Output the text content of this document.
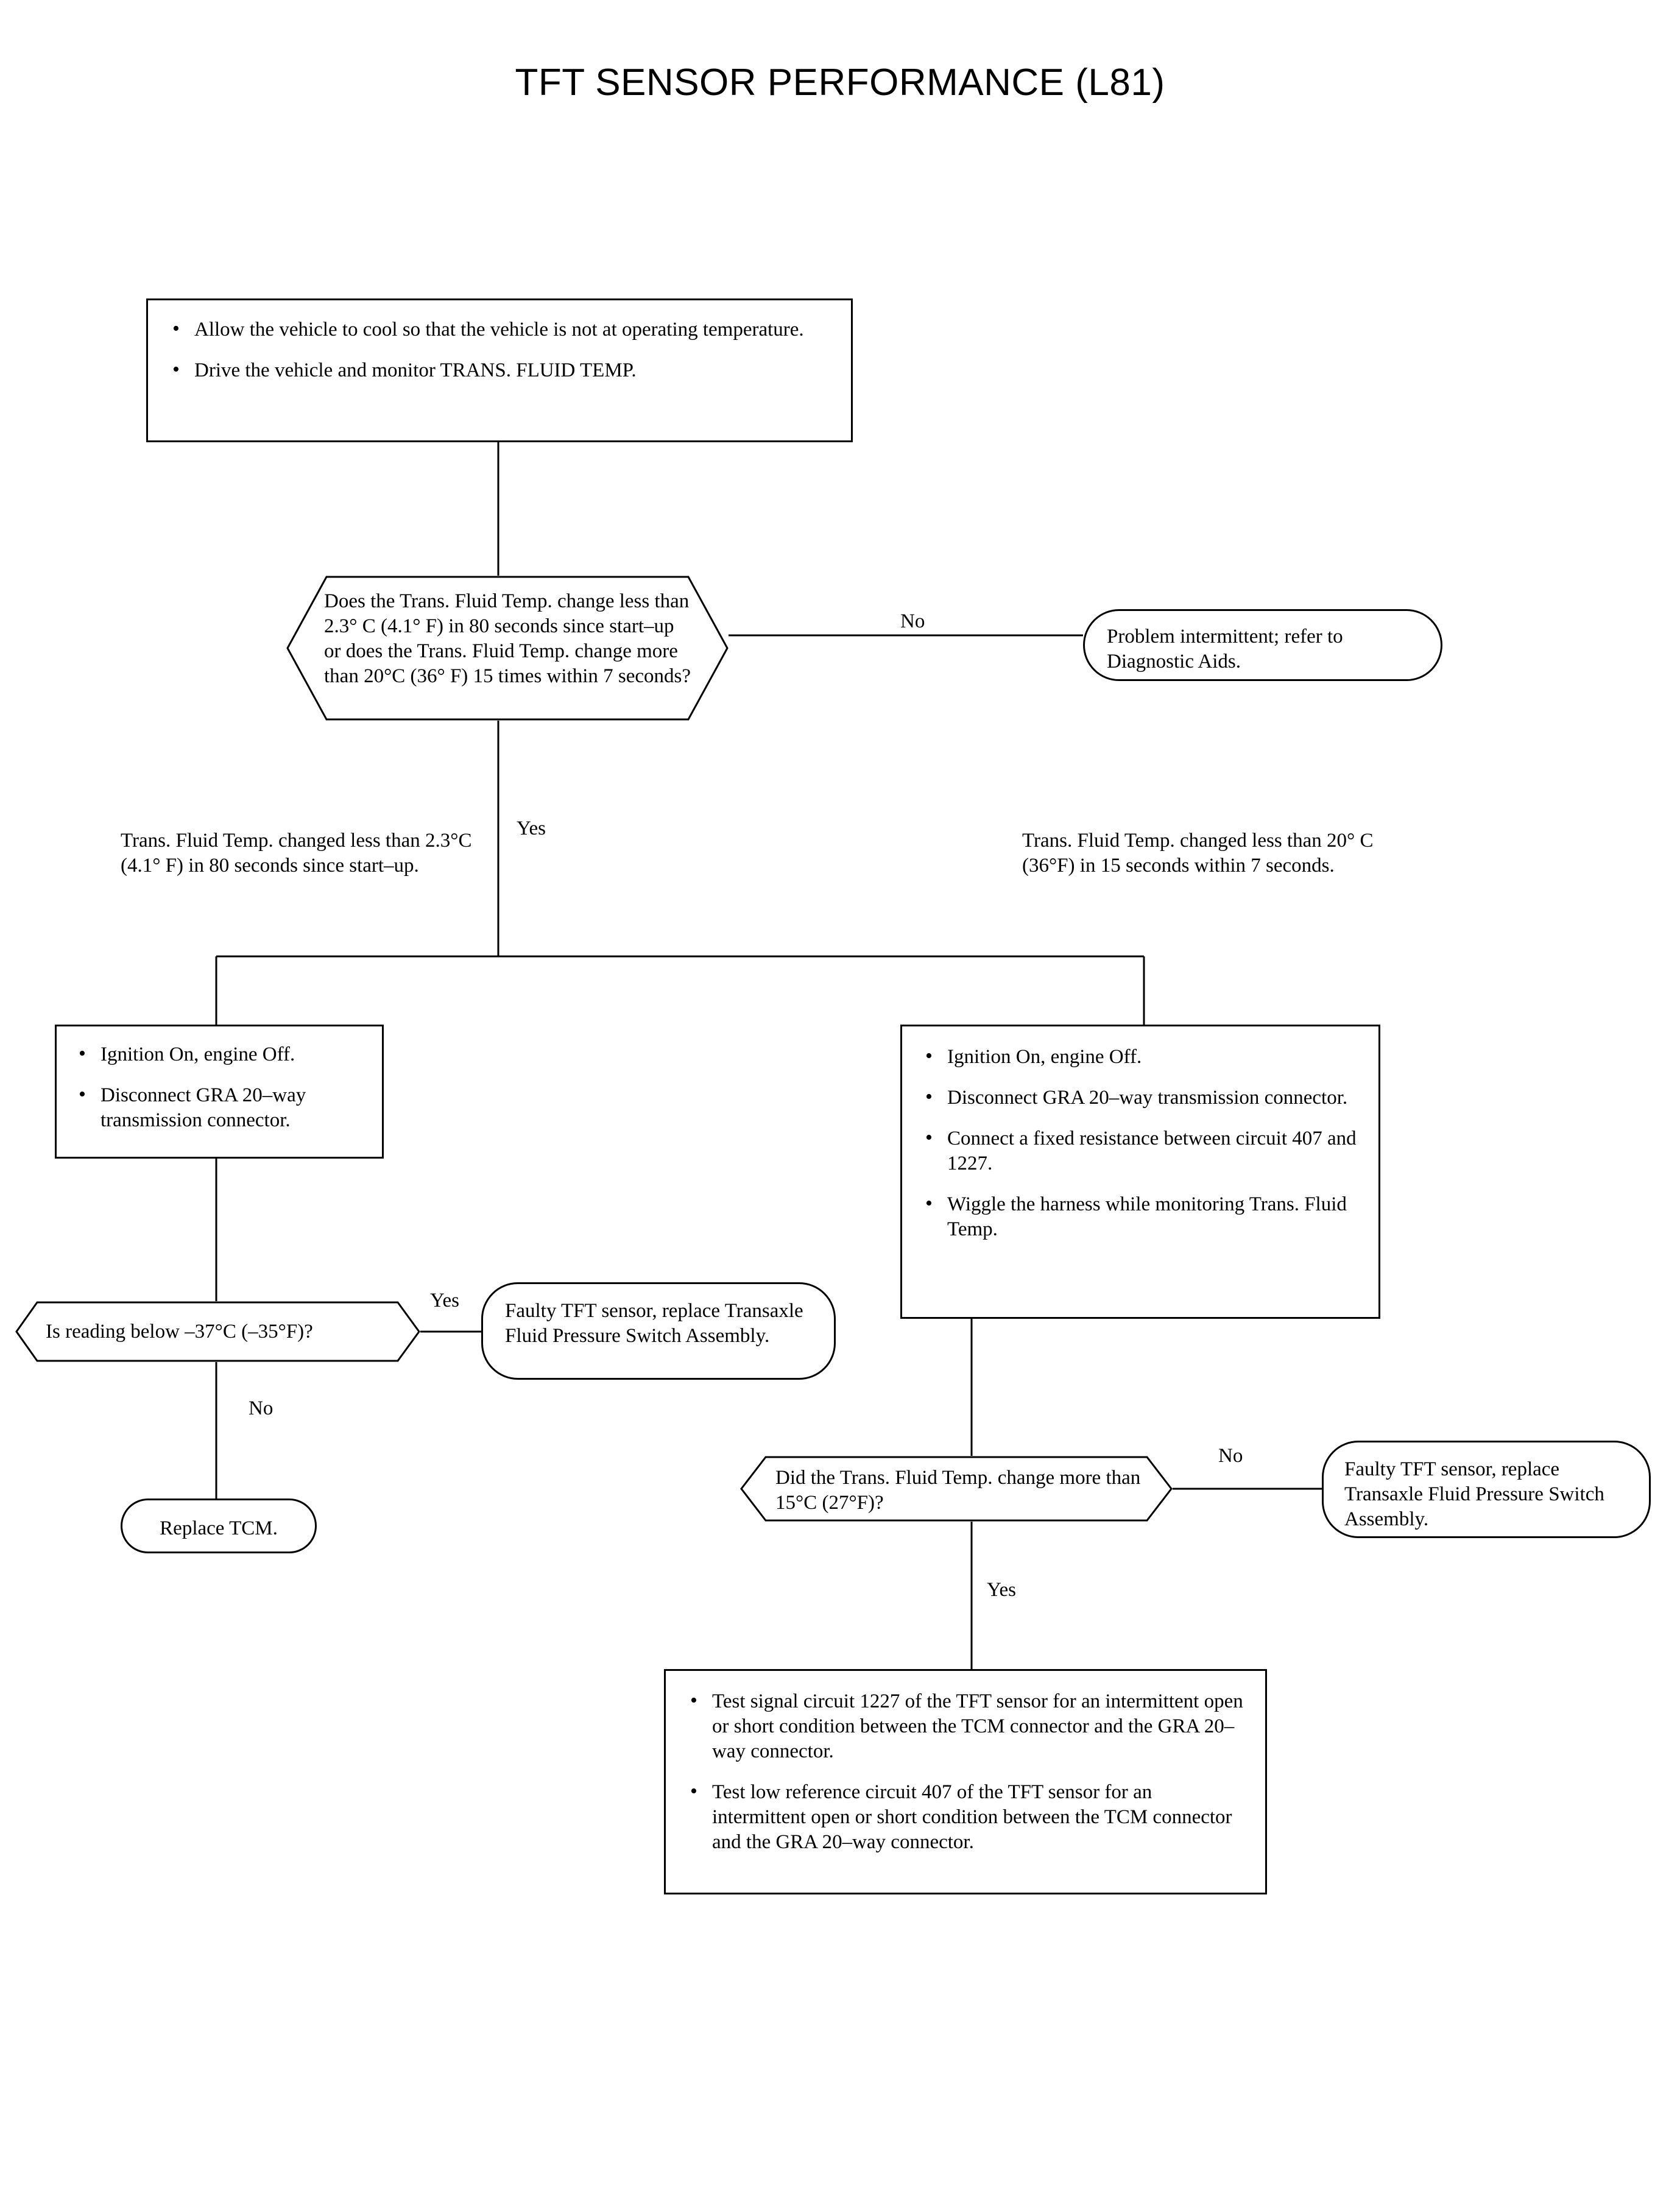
TFT SENSOR PERFORMANCE (L81)
• Allow the vehicle to cool so that the vehicle is not at operating temperature.
• Drive the vehicle and monitor TRANS. FLUID TEMP.
Does the Trans. Fluid Temp. change less than 2.3° C (4.1° F) in 80 seconds since start–up or does the Trans. Fluid Temp. change more than 20°C (36° F) 15 times within 7 seconds?
Problem intermittent; refer to Diagnostic Aids.
No
Yes
Yes
No
No
Yes
Trans. Fluid Temp. changed less than 2.3°C (4.1° F) in 80 seconds since start–up.
Trans. Fluid Temp. changed less than 20° C (36°F) in 15 seconds within 7 seconds.
• Ignition On, engine Off.
• Disconnect GRA 20–way transmission connector.
• Ignition On, engine Off.
• Disconnect GRA 20–way transmission connector.
• Connect a fixed resistance between circuit 407 and 1227.
• Wiggle the harness while monitoring Trans. Fluid Temp.
Is reading below –37°C (–35°F)?
Faulty TFT sensor, replace Transaxle Fluid Pressure Switch Assembly.
Replace TCM.
Did the Trans. Fluid Temp. change more than 15°C (27°F)?
Faulty TFT sensor, replace Transaxle Fluid Pressure Switch Assembly.
• Test signal circuit 1227 of the TFT sensor for an intermittent open or short condition between the TCM connector and the GRA 20–way connector.
• Test low reference circuit 407 of the TFT sensor for an intermittent open or short condition between the TCM connector and the GRA 20–way connector.
